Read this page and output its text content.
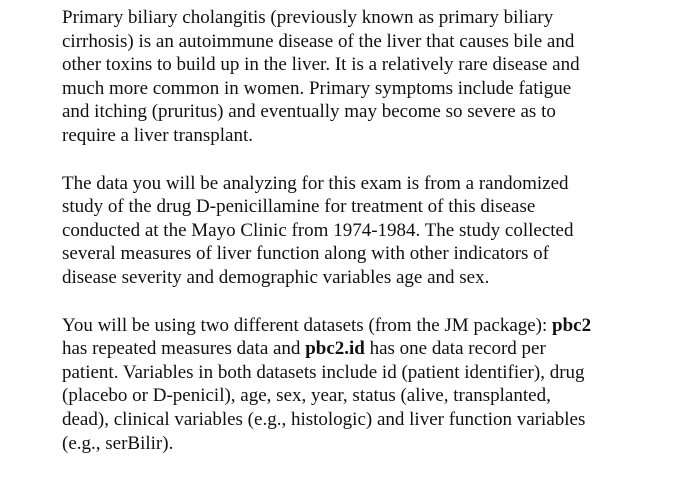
Primary biliary cholangitis (previously known as primary biliary
cirrhosis) is an autoimmune disease of the liver that causes bile and
other toxins to build up in the liver. It is a relatively rare disease and
much more common in women. Primary symptoms include fatigue
and itching (pruritus) and eventually may become so severe as to
require a liver transplant.

The data you will be analyzing for this exam is from a randomized
study of the drug D-penicillamine for treatment of this disease
conducted at the Mayo Clinic from 1974-1984. The study collected
several measures of liver function along with other indicators of
disease severity and demographic variables age and sex.

You will be using two different datasets (from the JM package): pbc2
has repeated measures data and pbc2.id has one data record per
patient. Variables in both datasets include id (patient identifier), drug
(placebo or D-penicil), age, sex, year, status (alive, transplanted,
dead), clinical variables (e.g., histologic) and liver function variables
(e.g., serBilir).
